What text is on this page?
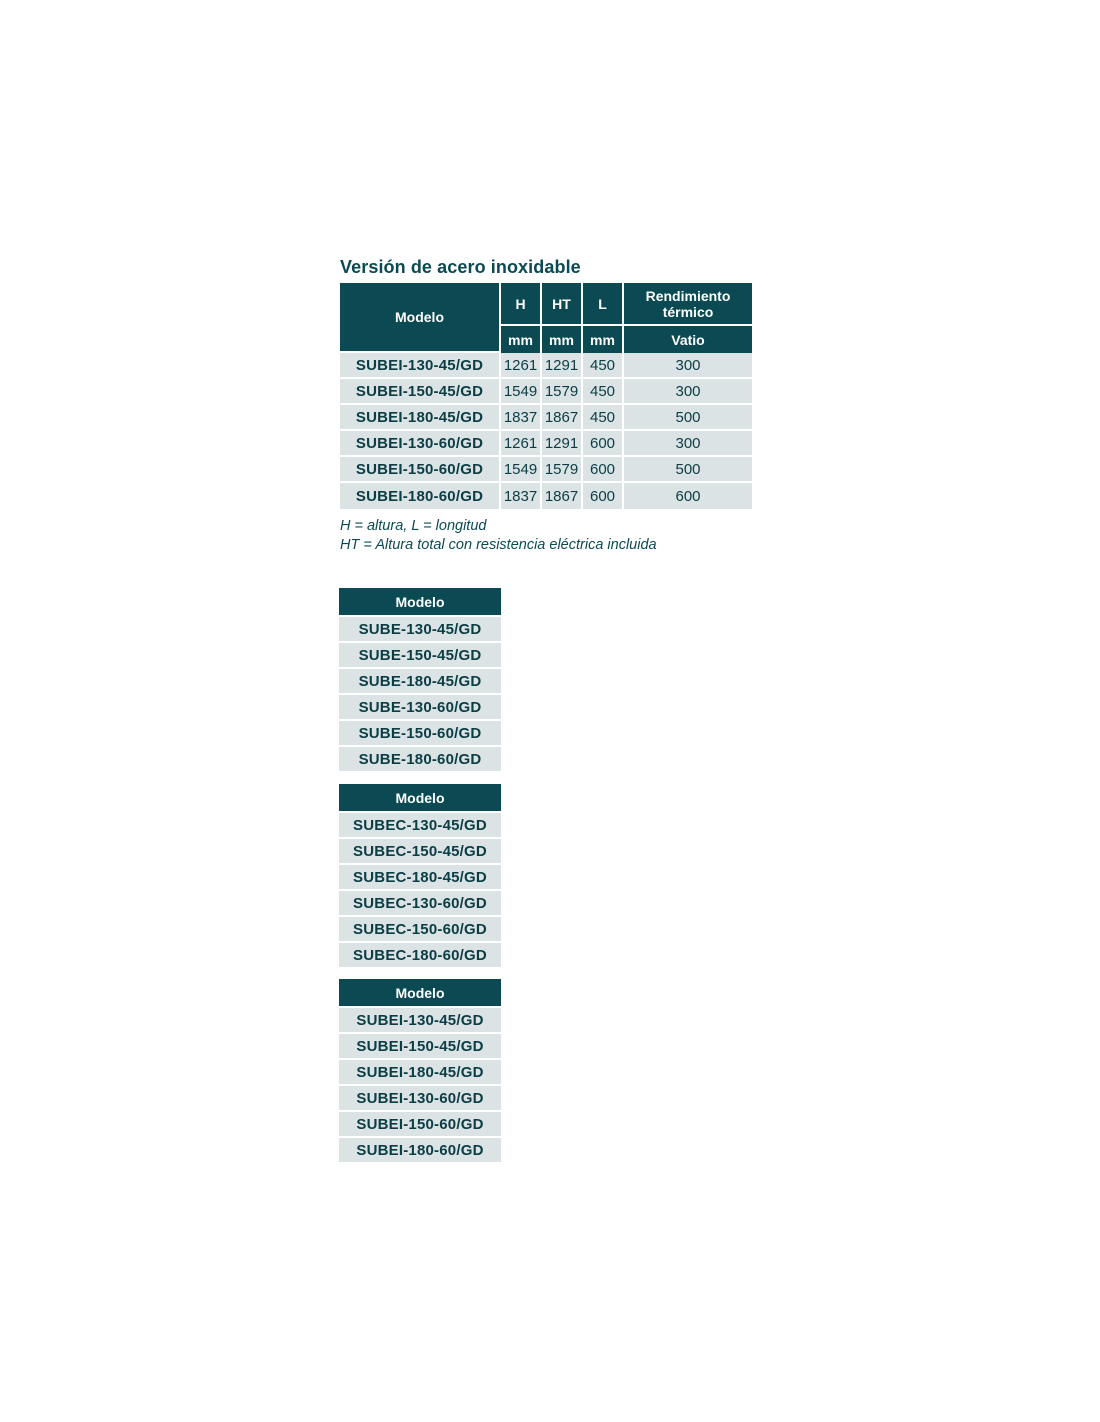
Versión de acero inoxidable
Modelo	H	HT	L	Rendimiento
térmico
	mm	mm	mm	Vatio
SUBEI-130-45/GD	1261	1291	450	300
SUBEI-150-45/GD	1549	1579	450	300
SUBEI-180-45/GD	1837	1867	450	500
SUBEI-130-60/GD	1261	1291	600	300
SUBEI-150-60/GD	1549	1579	600	500
SUBEI-180-60/GD	1837	1867	600	600
H = altura, L = longitud
HT = Altura total con resistencia eléctrica incluida
Modelo
SUBE-130-45/GD
SUBE-150-45/GD
SUBE-180-45/GD
SUBE-130-60/GD
SUBE-150-60/GD
SUBE-180-60/GD
Modelo
SUBEC-130-45/GD
SUBEC-150-45/GD
SUBEC-180-45/GD
SUBEC-130-60/GD
SUBEC-150-60/GD
SUBEC-180-60/GD
Modelo
SUBEI-130-45/GD
SUBEI-150-45/GD
SUBEI-180-45/GD
SUBEI-130-60/GD
SUBEI-150-60/GD
SUBEI-180-60/GD
